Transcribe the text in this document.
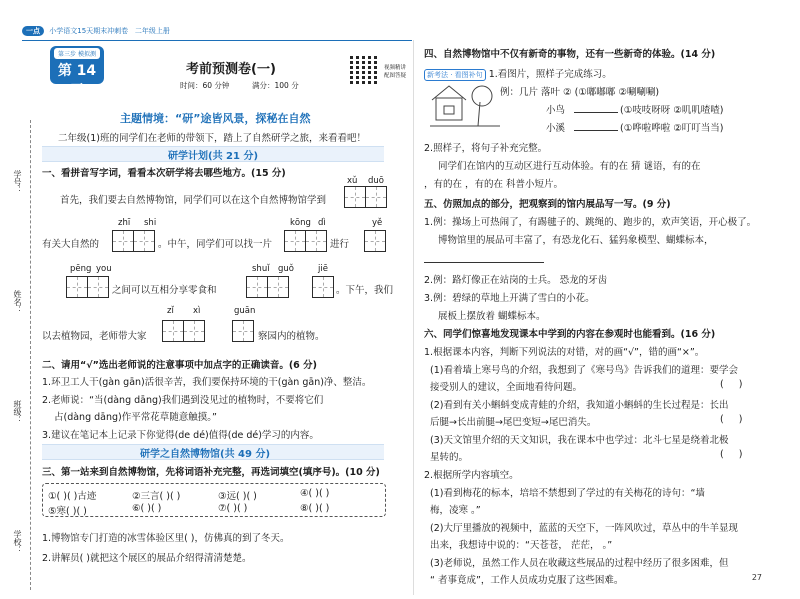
一点 小学语文15天期末冲刺卷 二年级上册
第三步 模拟测
第 14 天
考前预测卷(一)
时间：60 分钟	满分：100 分
视频精讲 配图答疑
学号：
姓名：
班级：
学校：
主题情境：“研”途皆风景，探秘在自然
二年级(1)班的同学们在老师的带领下，踏上了自然研学之旅，来看看吧！
研学计划(共 21 分)
一、看拼音写字词，看看本次研学将去哪些地方。(15 分)
xǔ duō
首先，我们要去自然博物馆，同学们可以在这个自然博物馆学到
zhī shi	kōng dì	yě
有关大自然的	。中午，同学们可以找一片	进行
pēng you	shuǐ guǒ	jiē
之间可以互相分享零食和	。下午，我们
zǐ xì	guān
以去植物园，老师带大家	察园内的植物。
二、请用“√”选出老师说的注意事项中加点字的正确读音。(6 分)
1.环卫工人干(gàn gān)活很辛苦，我们要保持环境的干(gàn gān)净、整洁。
2.老师说：“当(dàng dāng)我们遇到没见过的植物时，不要将它们
占(dàng dāng)作平常花草随意触摸。”
3.建议在笔记本上记录下你觉得(de dé)值得(de dé)学习的内容。
研学之自然博物馆(共 49 分)
三、第一站来到自然博物馆，先将词语补充完整，再选词填空(填序号)。(10 分)
①( )( )古迹	②三言( )( )	③远( )( )	④( )( )
⑤寒( )( )	⑥( )( )	⑦( )( )	⑧( )( )
1.博物馆专门打造的冰雪体验区里( )，仿佛真的到了冬天。
2.讲解员( )就把这个展区的展品介绍得清清楚楚。
四、自然博物馆中不仅有新奇的事物，还有一些新奇的体验。(14 分)
新考法 · 看图补句 1.看图片，照样子完成练习。
例：几片 落叶 ② (①嘟嘟嘟 ②唰唰唰)
小鸟	(①吱吱呀呀 ②叽叽喳喳)
小溪	(①哗啦哗啦 ②叮叮当当)
2.照样子，将句子补充完整。
同学们在馆内的互动区进行互动体验。有的在 猜 谜语，有的在
，有的在 ，有的在 科普小短片。
五、仿照加点的部分，把观察到的馆内展品写一写。(9 分)
1.例：操场上可热闹了，有踢毽子的、跳绳的、跑步的，欢声笑语，开心极了。
博物馆里的展品可丰富了，有恐龙化石、猛犸象模型、蝴蝶标本，
2.例：路灯像正在站岗的士兵。 恐龙的牙齿
3.例：碧绿的草地上开满了雪白的小花。
展板上摆放着 蝴蝶标本。
六、同学们惊喜地发现课本中学到的内容在参观时也能看到。(16 分)
1.根据课本内容，判断下列说法的对错，对的画“√”，错的画“×”。
(1)看着墙上寒号鸟的介绍，我想到了《寒号鸟》告诉我们的道理：要学会
接受别人的建议，全面地看待问题。	(     )
(2)看到有关小蝌蚪变成青蛙的介绍，我知道小蝌蚪的生长过程是：长出
后腿→长出前腿→尾巴变短→尾巴消失。	(     )
(3)天文馆里介绍的天文知识，我在课本中也学过：北斗七星是绕着北极
星转的。	(     )
2.根据所学内容填空。
(1)看到梅花的标本，培培不禁想到了学过的有关梅花的诗句：“墙
梅，凌寒 。”
(2)大厅里播放的视频中，蓝蓝的天空下，一阵风吹过，草丛中的牛羊显现
出来，我想诗中说的：“天苍苍， 茫茫， 。”
(3)老师说，虽然工作人员在收藏这些展品的过程中经历了很多困难，但
“ 者事竟成”，工作人员成功克服了这些困难。	27
